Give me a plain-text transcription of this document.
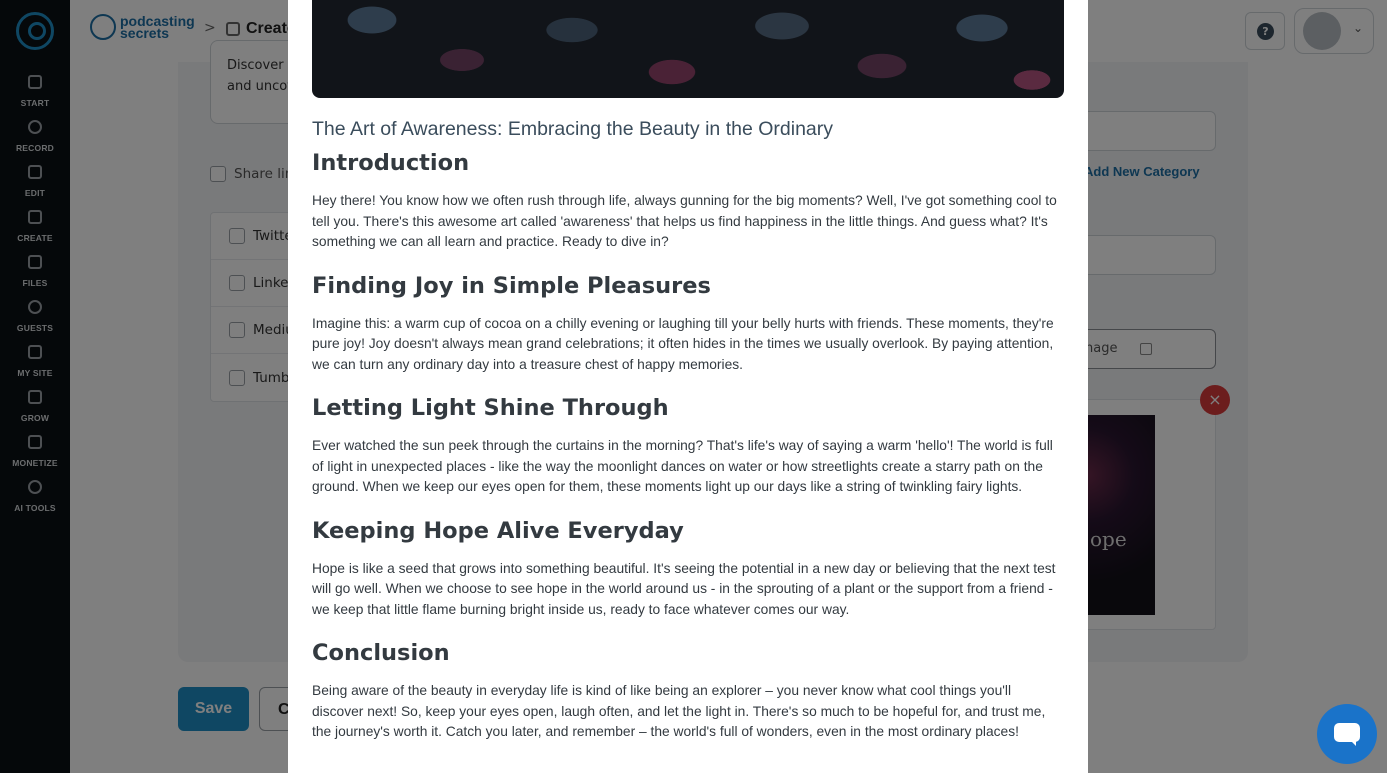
The Art of Awareness: Embracing the Beauty in the Ordinary
Introduction

Hey there! You know how we often rush through life, always gunning for the big moments? Well, I've got something cool to tell you. There's this awesome art called 'awareness' that helps us find happiness in the little things. And guess what? It's something we can all learn and practice. Ready to dive in?

Finding Joy in Simple Pleasures

Imagine this: a warm cup of cocoa on a chilly evening or laughing till your belly hurts with friends. These moments, they're pure joy! Joy doesn't always mean grand celebrations; it often hides in the times we usually overlook. By paying attention, we can turn any ordinary day into a treasure chest of happy memories.

Letting Light Shine Through

Ever watched the sun peek through the curtains in the morning? That's life's way of saying a warm 'hello'! The world is full of light in unexpected places - like the way the moonlight dances on water or how streetlights create a starry path on the ground. When we keep our eyes open for them, these moments light up our days like a string of twinkling fairy lights.

Keeping Hope Alive Everyday

Hope is like a seed that grows into something beautiful. It's seeing the potential in a new day or believing that the next test will go well. When we choose to see hope in the world around us - in the sprouting of a plant or the support from a friend - we keep that little flame burning bright inside us, ready to face whatever comes our way.

Conclusion

Being aware of the beauty in everyday life is kind of like being an explorer – you never know what cool things you'll discover next! So, keep your eyes open, laugh often, and let the light in. There's so much to be hopeful for, and trust me, the journey's worth it. Catch you later, and remember – the world's full of wonders, even in the most ordinary places!
